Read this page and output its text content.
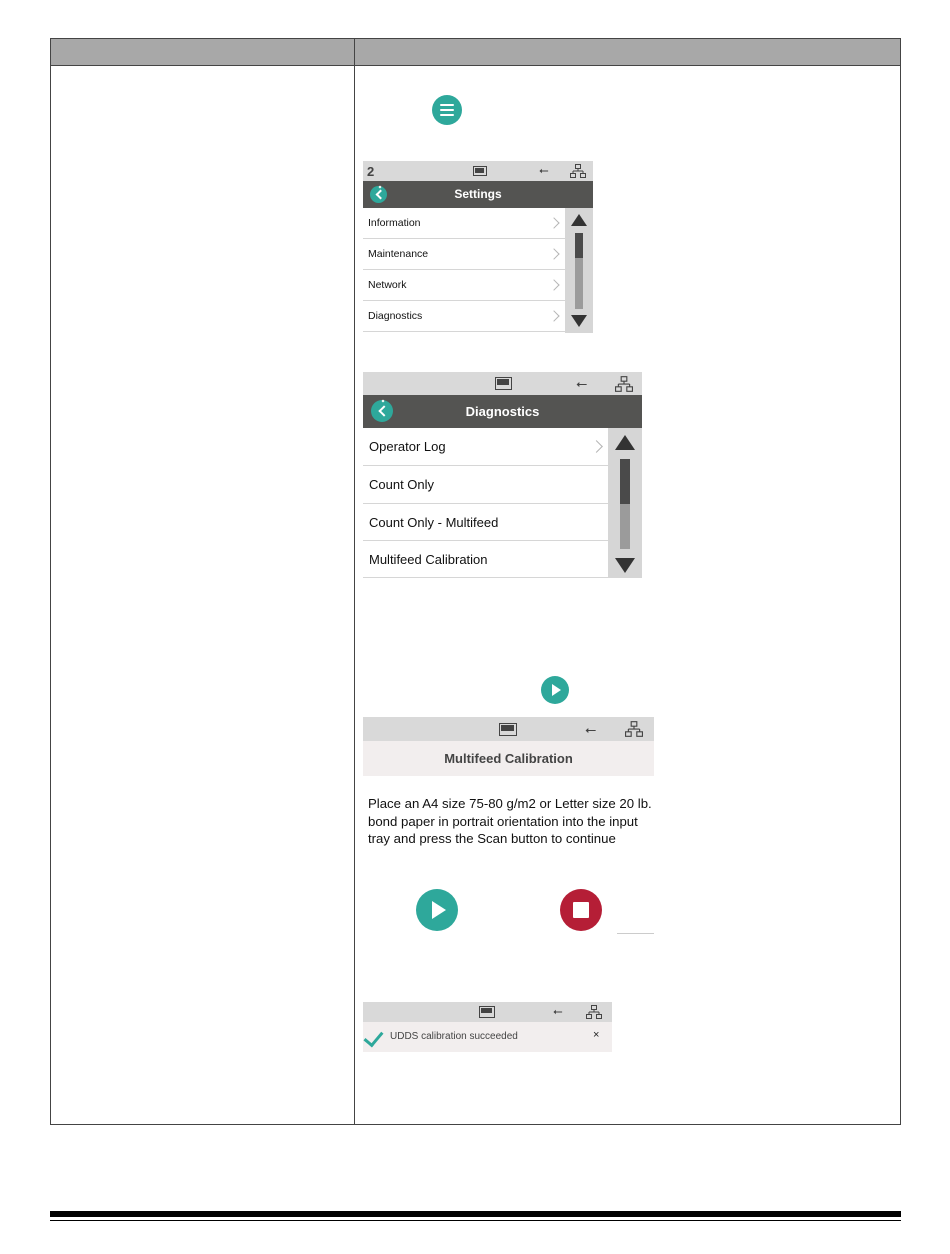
2	⭠
Settings
Information
Maintenance
Network
Diagnostics
⭠
Diagnostics
Operator Log
Count Only
Count Only - Multifeed
Multifeed Calibration
⭠
Multifeed Calibration
Place an A4 size 75-80 g/m2 or Letter size 20 lb. bond paper in portrait orientation into the input tray and press the Scan button to continue
⭠
UDDS calibration succeeded	×
